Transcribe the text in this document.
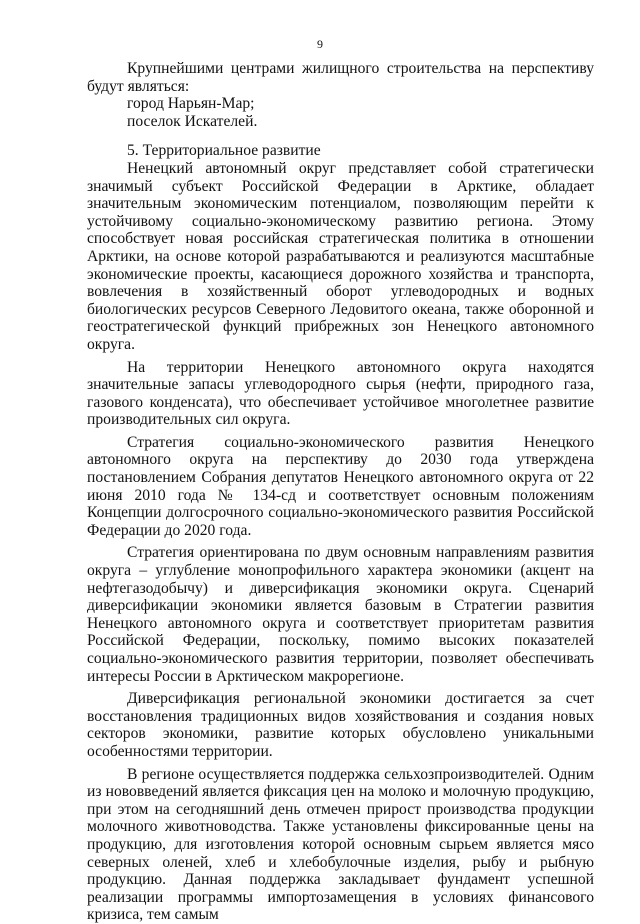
9

Крупнейшими центрами жилищного строительства на перспективу будут являться:

город Нарьян-Мар;

поселок Искателей.

5. Территориальное развитие

Ненецкий автономный округ представляет собой стратегически значимый субъект Российской Федерации в Арктике, обладает значительным экономическим потенциалом, позволяющим перейти к устойчивому социально-экономическому развитию региона. Этому способствует новая российская стратегическая политика в отношении Арктики, на основе которой разрабатываются и реализуются масштабные экономические проекты, касающиеся дорожного хозяйства и транспорта, вовлечения в хозяйственный оборот углеводородных и водных биологических ресурсов Северного Ледовитого океана, также оборонной и геостратегической функций прибрежных зон Ненецкого автономного округа.

На территории Ненецкого автономного округа находятся значительные запасы углеводородного сырья (нефти, природного газа, газового конденсата), что обеспечивает устойчивое многолетнее развитие производительных сил округа.

Стратегия социально-экономического развития Ненецкого автономного округа на перспективу до 2030 года утверждена постановлением Собрания депутатов Ненецкого автономного округа от 22 июня 2010 года № 134-сд и соответствует основным положениям Концепции долгосрочного социально-экономического развития Российской Федерации до 2020 года.

Стратегия ориентирована по двум основным направлениям развития округа – углубление монопрофильного характера экономики (акцент на нефтегазодобычу) и диверсификация экономики округа. Сценарий диверсификации экономики является базовым в Стратегии развития Ненецкого автономного округа и соответствует приоритетам развития Российской Федерации, поскольку, помимо высоких показателей социально-экономического развития территории, позволяет обеспечивать интересы России в Арктическом макрорегионе.

Диверсификация региональной экономики достигается за счет восстановления традиционных видов хозяйствования и создания новых секторов экономики, развитие которых обусловлено уникальными особенностями территории.

В регионе осуществляется поддержка сельхозпроизводителей. Одним из нововведений является фиксация цен на молоко и молочную продукцию, при этом на сегодняшний день отмечен прирост производства продукции молочного животноводства. Также установлены фиксированные цены на продукцию, для изготовления которой основным сырьем является мясо северных оленей, хлеб и хлебобулочные изделия, рыбу и рыбную продукцию. Данная поддержка закладывает фундамент успешной реализации программы импортозамещения в условиях финансового кризиса, тем самым
